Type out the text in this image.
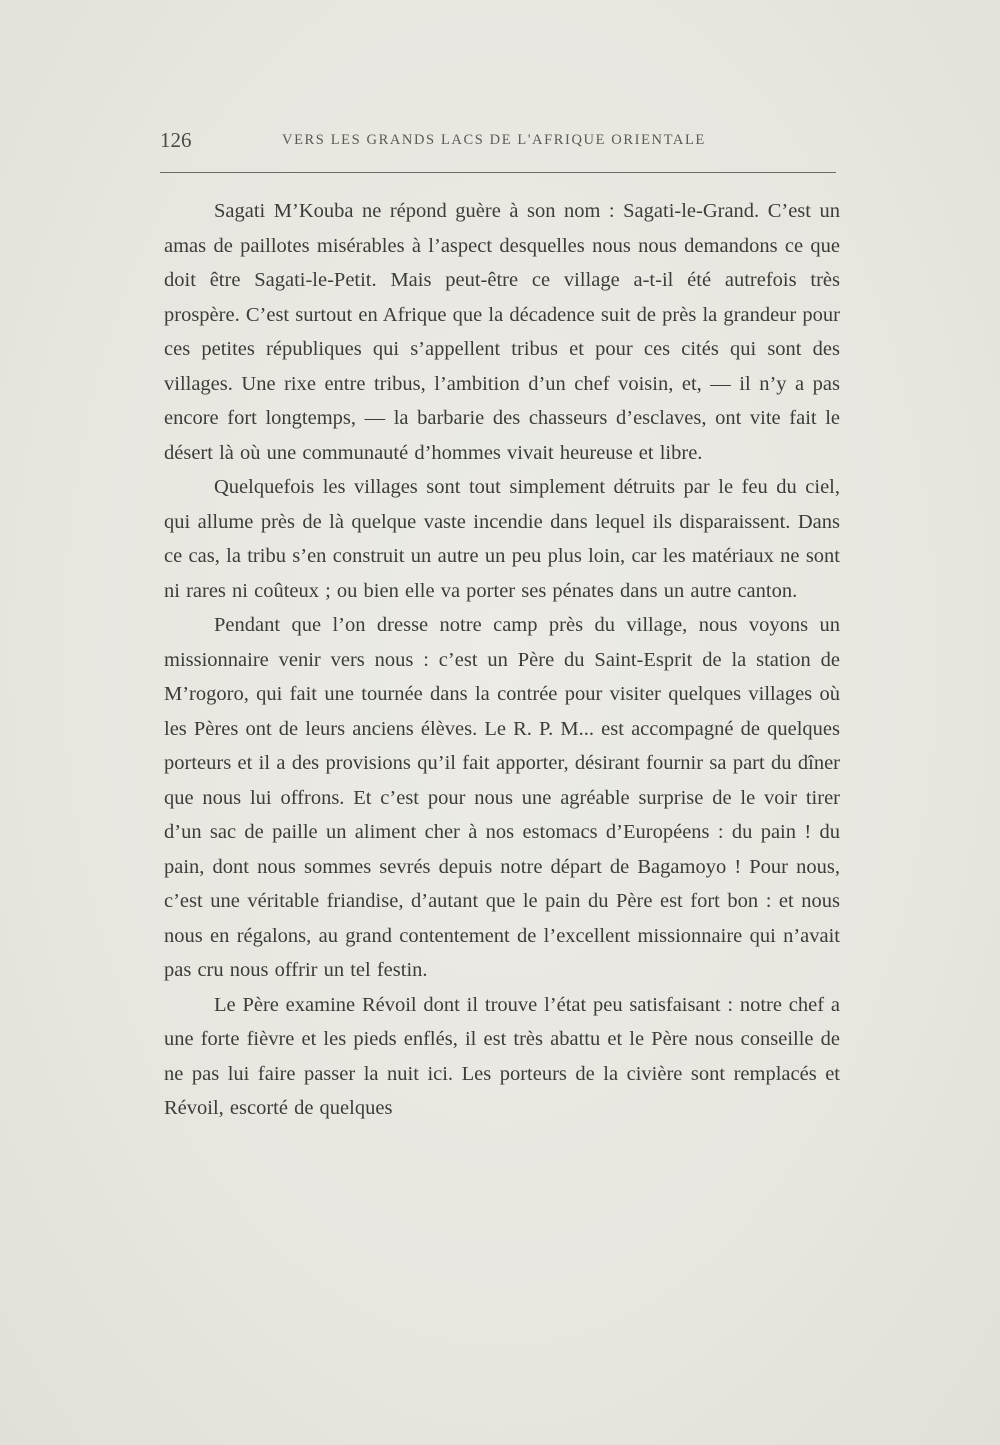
126	VERS LES GRANDS LACS DE L'AFRIQUE ORIENTALE

Sagati M’Kouba ne répond guère à son nom : Sagati-le-Grand. C’est un amas de paillotes misérables à l’aspect desquelles nous nous demandons ce que doit être Sagati-le-Petit. Mais peut-être ce village a-t-il été autrefois très prospère. C’est surtout en Afrique que la décadence suit de près la grandeur pour ces petites républiques qui s’appellent tribus et pour ces cités qui sont des villages. Une rixe entre tribus, l’ambition d’un chef voisin, et, — il n’y a pas encore fort longtemps, — la barbarie des chasseurs d’esclaves, ont vite fait le désert là où une communauté d’hommes vivait heureuse et libre.

Quelquefois les villages sont tout simplement détruits par le feu du ciel, qui allume près de là quelque vaste incendie dans lequel ils disparaissent. Dans ce cas, la tribu s’en construit un autre un peu plus loin, car les matériaux ne sont ni rares ni coûteux ; ou bien elle va porter ses pénates dans un autre canton.

Pendant que l’on dresse notre camp près du village, nous voyons un missionnaire venir vers nous : c’est un Père du Saint-Esprit de la station de M’rogoro, qui fait une tournée dans la contrée pour visiter quelques villages où les Pères ont de leurs anciens élèves. Le R. P. M... est accompagné de quelques porteurs et il a des provisions qu’il fait apporter, désirant fournir sa part du dîner que nous lui offrons. Et c’est pour nous une agréable surprise de le voir tirer d’un sac de paille un aliment cher à nos estomacs d’Européens : du pain ! du pain, dont nous sommes sevrés depuis notre départ de Bagamoyo ! Pour nous, c’est une véritable friandise, d’autant que le pain du Père est fort bon : et nous nous en régalons, au grand contentement de l’excellent missionnaire qui n’avait pas cru nous offrir un tel festin.

Le Père examine Révoil dont il trouve l’état peu satisfaisant : notre chef a une forte fièvre et les pieds enflés, il est très abattu et le Père nous conseille de ne pas lui faire passer la nuit ici. Les porteurs de la civière sont remplacés et Révoil, escorté de quelques
